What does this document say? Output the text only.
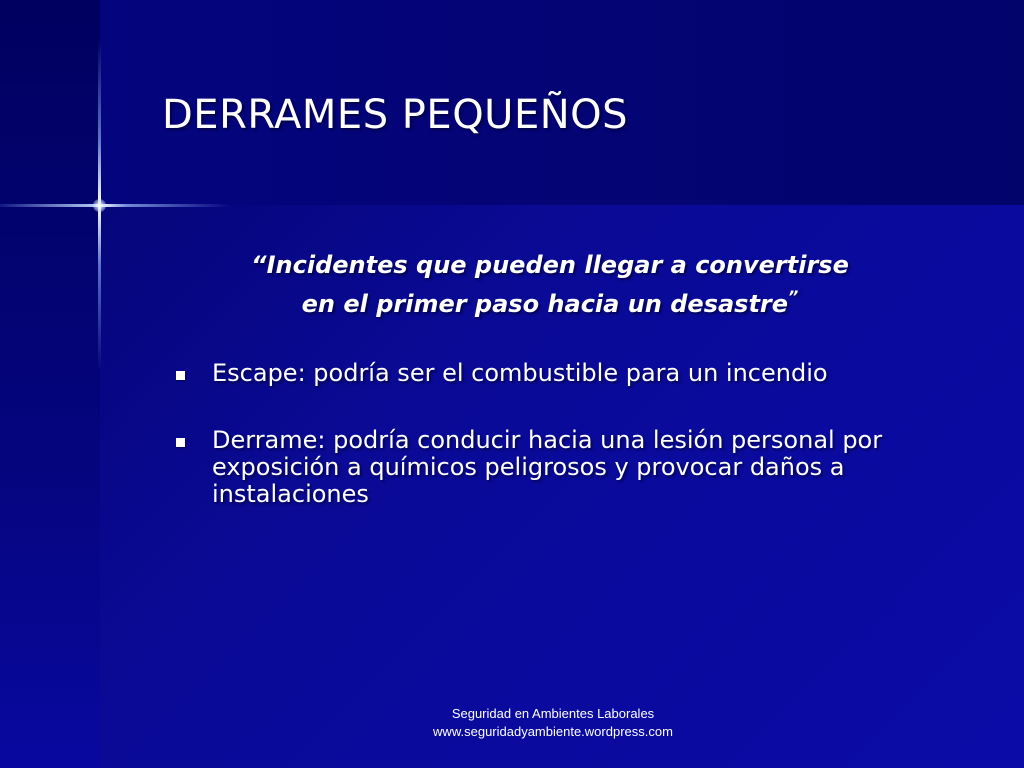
DERRAMES PEQUEÑOS
“Incidentes que pueden llegar a convertirse
en el primer paso hacia un desastre”
Escape: podría ser el combustible para un incendio
Derrame: podría conducir hacia una lesión personal por exposición a químicos peligrosos y provocar daños a instalaciones
Seguridad en Ambientes Laborales
www.seguridadyambiente.wordpress.com
